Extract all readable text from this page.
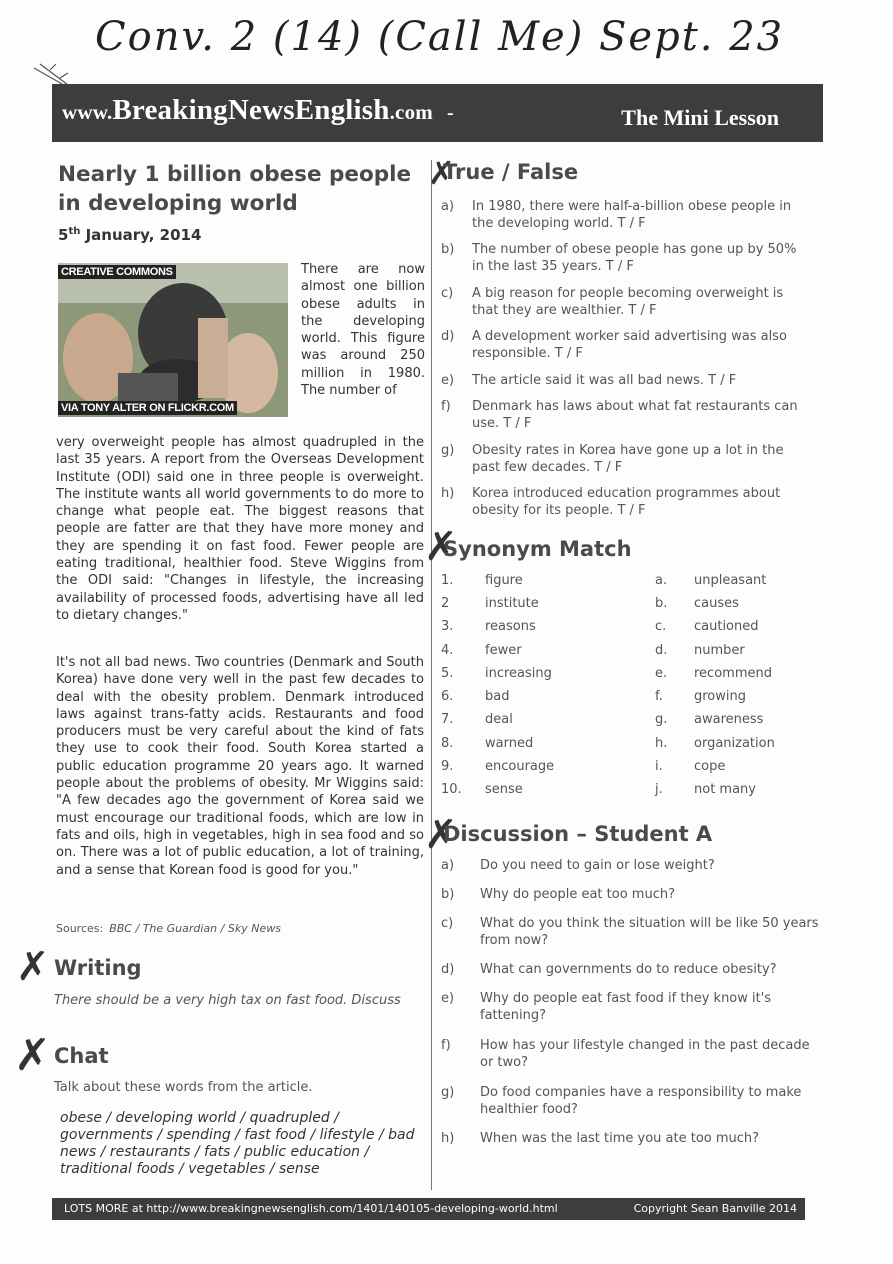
Conv. 2 (14) (Call Me) Sept. 23
www.BreakingNewsEnglish.com -	The Mini Lesson
Nearly 1 billion obese people in developing world
5th January, 2014
CREATIVE COMMONS
VIA TONY ALTER ON FLICKR.COM
There are now almost one billion obese adults in the developing world. This figure was around 250 million in 1980. The number of
very overweight people has almost quadrupled in the last 35 years. A report from the Overseas Development Institute (ODI) said one in three people is overweight. The institute wants all world governments to do more to change what people eat. The biggest reasons that people are fatter are that they have more money and they are spending it on fast food. Fewer people are eating traditional, healthier food. Steve Wiggins from the ODI said: "Changes in lifestyle, the increasing availability of processed foods, advertising have all led to dietary changes."
It's not all bad news. Two countries (Denmark and South Korea) have done very well in the past few decades to deal with the obesity problem. Denmark introduced laws against trans-fatty acids. Restaurants and food producers must be very careful about the kind of fats they use to cook their food. South Korea started a public education programme 20 years ago. It warned people about the problems of obesity. Mr Wiggins said: "A few decades ago the government of Korea said we must encourage our traditional foods, which are low in fats and oils, high in vegetables, high in sea food and so on. There was a lot of public education, a lot of training, and a sense that Korean food is good for you."
Sources: BBC / The Guardian / Sky News
✗ Writing
There should be a very high tax on fast food. Discuss
✗ Chat
Talk about these words from the article.
obese / developing world / quadrupled / governments / spending / fast food / lifestyle / bad news / restaurants / fats / public education / traditional foods / vegetables / sense
✗
True / False
a) In 1980, there were half-a-billion obese people in the developing world. T / F
b) The number of obese people has gone up by 50% in the last 35 years. T / F
c) A big reason for people becoming overweight is that they are wealthier. T / F
d) A development worker said advertising was also responsible. T / F
e) The article said it was all bad news. T / F
f) Denmark has laws about what fat restaurants can use. T / F
g) Obesity rates in Korea have gone up a lot in the past few decades. T / F
h) Korea introduced education programmes about obesity for its people. T / F
✗
Synonym Match
1. figure	a. unpleasant
2	institute	b. causes
3. reasons	c. cautioned
4. fewer	d. number
5. increasing	e. recommend
6. bad	f. growing
7. deal	g. awareness
8. warned	h. organization
9. encourage	i. cope
10. sense	j. not many
✗
Discussion – Student A
a) Do you need to gain or lose weight?
b) Why do people eat too much?
c) What do you think the situation will be like 50 years from now?
d) What can governments do to reduce obesity?
e) Why do people eat fast food if they know it's fattening?
f) How has your lifestyle changed in the past decade or two?
g) Do food companies have a responsibility to make healthier food?
h) When was the last time you ate too much?
LOTS MORE at http://www.breakingnewsenglish.com/1401/140105-developing-world.html	Copyright Sean Banville 2014
